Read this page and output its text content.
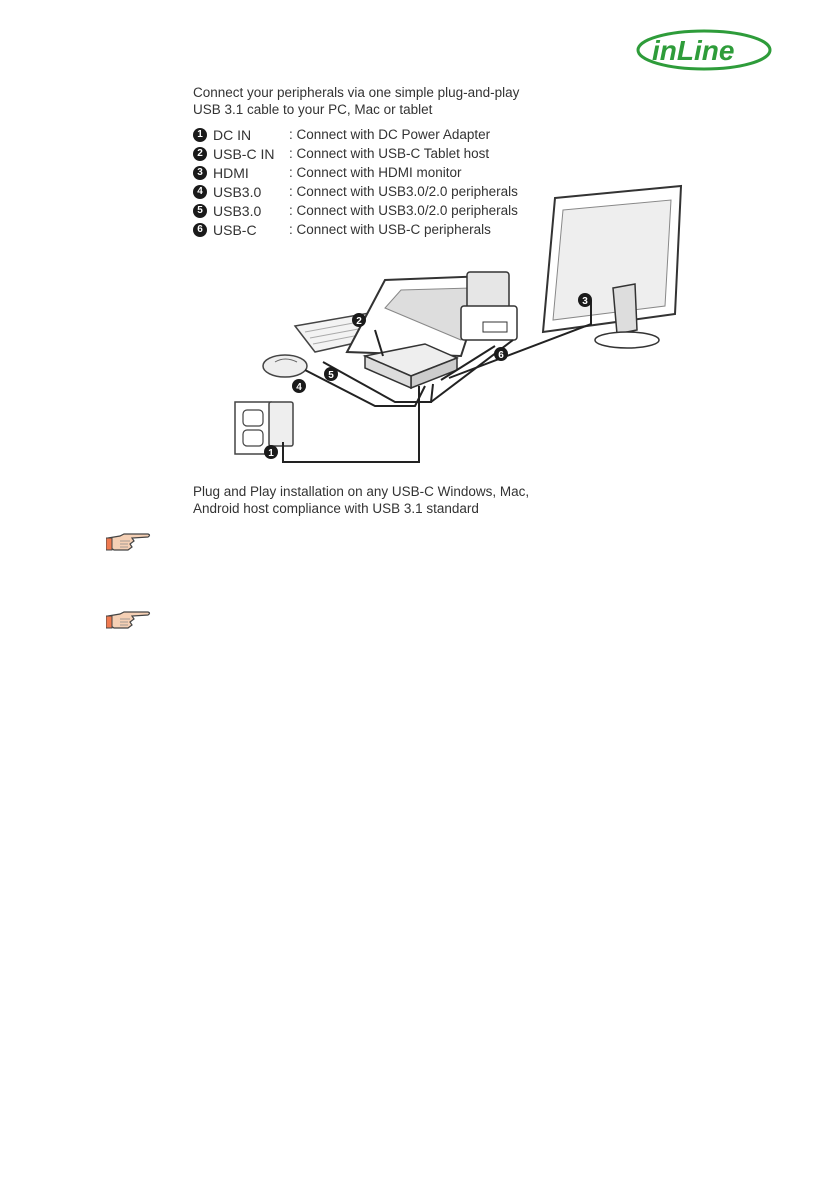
inLine
Connect your peripherals via one simple plug-and-play
USB 3.1 cable to your PC, Mac or tablet
1 DC IN	: Connect with DC Power Adapter
2 USB-C IN	: Connect with USB-C Tablet host
3 HDMI	: Connect with HDMI monitor
4 USB3.0	: Connect with USB3.0/2.0 peripherals
5 USB3.0	: Connect with USB3.0/2.0 peripherals
6 USB-C	: Connect with USB-C peripherals
1
2
3
4
5
6
Plug and Play installation on any USB-C Windows, Mac,
Android host compliance with USB 3.1 standard
